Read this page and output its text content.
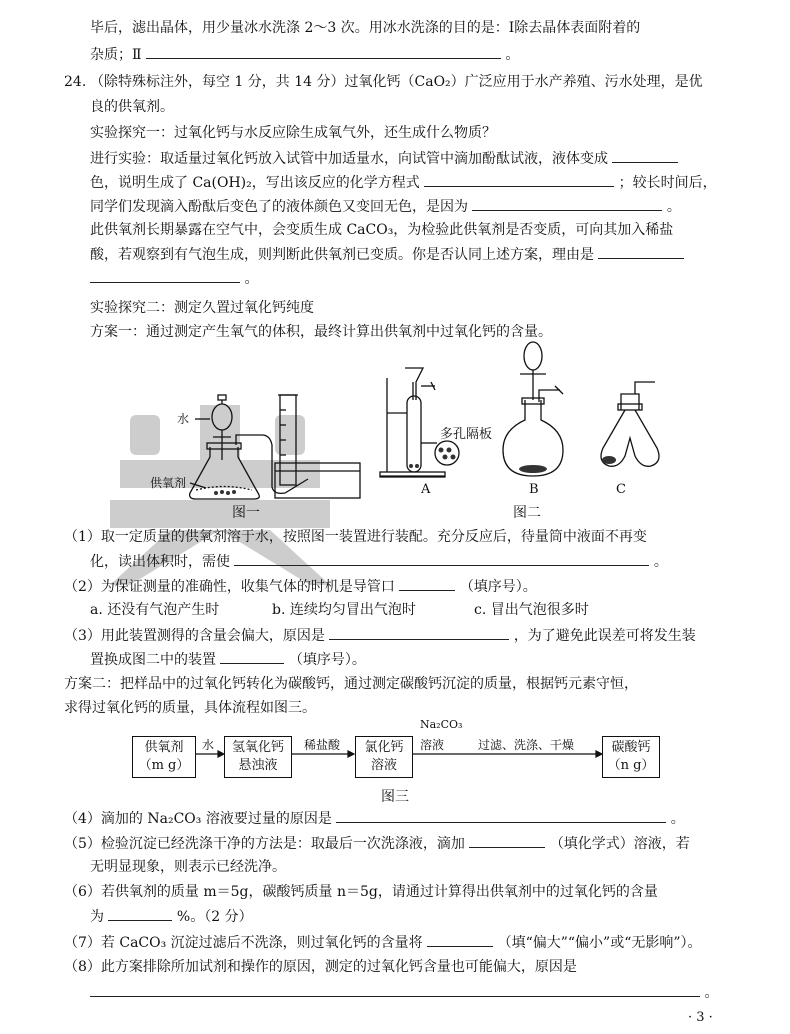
毕后，滤出晶体，用少量冰水洗涤 2～3 次。用冰水洗涤的目的是：Ⅰ除去晶体表面附着的
杂质；Ⅱ	。
24. （除特殊标注外，每空 1 分，共 14 分）过氧化钙（CaO₂）广泛应用于水产养殖、污水处理，是优
良的供氧剂。
实验探究一：过氧化钙与水反应除生成氧气外，还生成什么物质？
进行实验：取适量过氧化钙放入试管中加适量水，向试管中滴加酚酞试液，液体变成
色，说明生成了 Ca(OH)₂，写出该反应的化学方程式	；较长时间后，
同学们发现滴入酚酞后变色了的液体颜色又变回无色，是因为	。
此供氧剂长期暴露在空气中，会变质生成 CaCO₃，为检验此供氧剂是否变质，可向其加入稀盐
酸，若观察到有气泡生成，则判断此供氧剂已变质。你是否认同上述方案，理由是
。
实验探究二：测定久置过氧化钙纯度
方案一：通过测定产生氧气的体积，最终计算出供氧剂中过氧化钙的含量。
水
供氧剂
图一
多孔隔板
A	B	C
图二
（1）取一定质量的供氧剂溶于水，按照图一装置进行装配。充分反应后，待量筒中液面不再变
化，读出体积时，需使	。
（2）为保证测量的准确性，收集气体的时机是导管口	（填序号）。
a. 还没有气泡产生时	b. 连续均匀冒出气泡时	c. 冒出气泡很多时
（3）用此装置测得的含量会偏大，原因是	，为了避免此误差可将发生装
置换成图二中的装置	（填序号）。
方案二：把样品中的过氧化钙转化为碳酸钙，通过测定碳酸钙沉淀的质量，根据钙元素守恒，
求得过氧化钙的质量，具体流程如图三。
供氧剂
（m g）
氢氧化钙
悬浊液
氯化钙
溶液
碳酸钙
（n g）
水	稀盐酸
Na₂CO₃
溶液	过滤、洗涤、干燥
图三
（4）滴加的 Na₂CO₃ 溶液要过量的原因是	。
（5）检验沉淀已经洗涤干净的方法是：取最后一次洗涤液，滴加	（填化学式）溶液，若
无明显现象，则表示已经洗净。
（6）若供氧剂的质量 m＝5g，碳酸钙质量 n＝5g，请通过计算得出供氧剂中的过氧化钙的含量
为	%。（2 分）
（7）若 CaCO₃ 沉淀过滤后不洗涤，则过氧化钙的含量将	（填“偏大”“偏小”或“无影响”）。
（8）此方案排除所加试剂和操作的原因，测定的过氧化钙含量也可能偏大，原因是
。
· 3 ·
